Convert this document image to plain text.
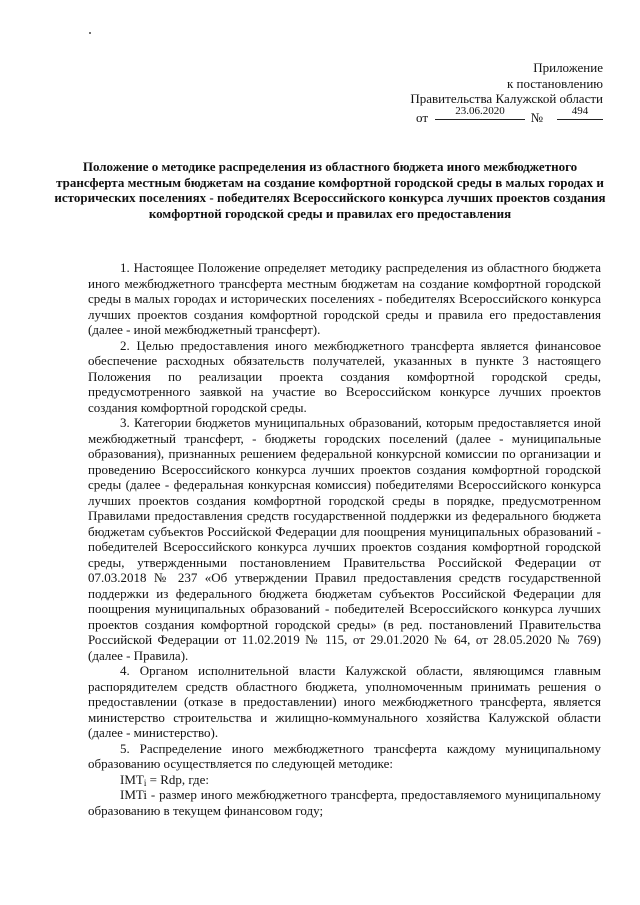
Приложение
к постановлению
Правительства Калужской области
от	23.06.2020	№	494
Положение о методике распределения из областного бюджета иного межбюджетного трансферта местным бюджетам на создание комфортной городской среды в малых городах и исторических поселениях - победителях Всероссийского конкурса лучших проектов создания комфортной городской среды и правилах его предоставления

1. Настоящее Положение определяет методику распределения из областного бюджета иного межбюджетного трансферта местным бюджетам на создание комфортной городской среды в малых городах и исторических поселениях - победителях Всероссийского конкурса лучших проектов создания комфортной городской среды и правила его предоставления (далее - иной межбюджетный трансферт).

2. Целью предоставления иного межбюджетного трансферта является финансовое обеспечение расходных обязательств получателей, указанных в пункте 3 настоящего Положения по реализации проекта создания комфортной городской среды, предусмотренного заявкой на участие во Всероссийском конкурсе лучших проектов создания комфортной городской среды.

3. Категории бюджетов муниципальных образований, которым предоставляется иной межбюджетный трансферт, - бюджеты городских поселений (далее - муниципальные образования), признанных решением федеральной конкурсной комиссии по организации и проведению Всероссийского конкурса лучших проектов создания комфортной городской среды (далее - федеральная конкурсная комиссия) победителями Всероссийского конкурса лучших проектов создания комфортной городской среды в порядке, предусмотренном Правилами предоставления средств государственной поддержки из федерального бюджета бюджетам субъектов Российской Федерации для поощрения муниципальных образований - победителей Всероссийского конкурса лучших проектов создания комфортной городской среды, утвержденными постановлением Правительства Российской Федерации от 07.03.2018 № 237 «Об утверждении Правил предоставления средств государственной поддержки из федерального бюджета бюджетам субъектов Российской Федерации для поощрения муниципальных образований - победителей Всероссийского конкурса лучших проектов создания комфортной городской среды» (в ред. постановлений Правительства Российской Федерации от 11.02.2019 № 115, от 29.01.2020 № 64, от 28.05.2020 № 769) (далее - Правила).

4. Органом исполнительной власти Калужской области, являющимся главным распорядителем средств областного бюджета, уполномоченным принимать решения о предоставлении (отказе в предоставлении) иного межбюджетного трансферта, является министерство строительства и жилищно-коммунального хозяйства Калужской области (далее - министерство).

5. Распределение иного межбюджетного трансферта каждому муниципальному образованию осуществляется по следующей методике:

$IMT_i$ = Rdp, где:

IMTi - размер иного межбюджетного трансферта, предоставляемого муниципальному образованию в текущем финансовом году;
